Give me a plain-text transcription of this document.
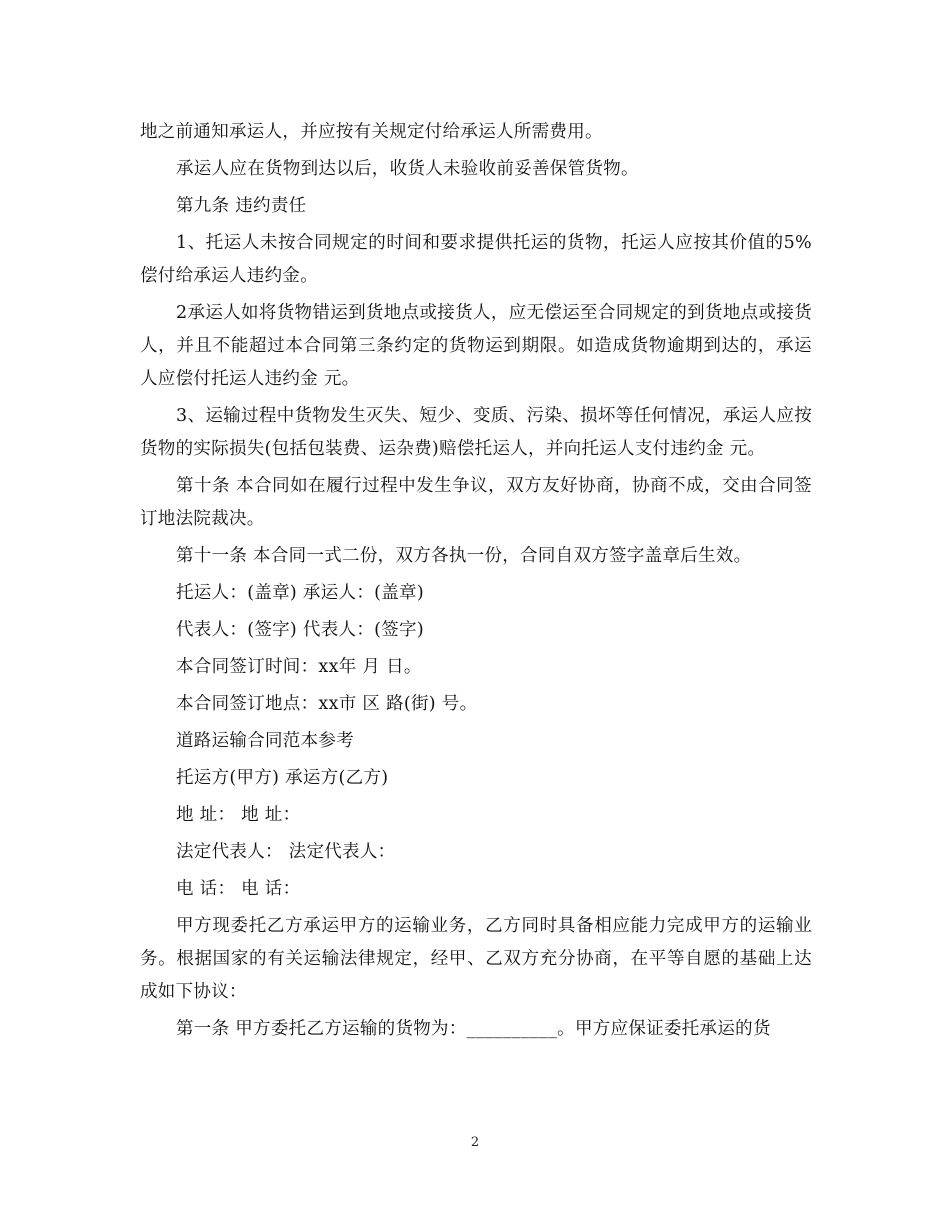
地之前通知承运人，并应按有关规定付给承运人所需费用。

承运人应在货物到达以后，收货人未验收前妥善保管货物。

第九条 违约责任

1、托运人未按合同规定的时间和要求提供托运的货物，托运人应按其价值的5%偿付给承运人违约金。

2承运人如将货物错运到货地点或接货人，应无偿运至合同规定的到货地点或接货人，并且不能超过本合同第三条约定的货物运到期限。如造成货物逾期到达的，承运人应偿付托运人违约金 元。

3、运输过程中货物发生灭失、短少、变质、污染、损坏等任何情况，承运人应按货物的实际损失(包括包装费、运杂费)赔偿托运人，并向托运人支付违约金 元。

第十条 本合同如在履行过程中发生争议，双方友好协商，协商不成，交由合同签订地法院裁决。

第十一条 本合同一式二份，双方各执一份，合同自双方签字盖章后生效。

托运人：(盖章) 承运人：(盖章)

代表人：(签字) 代表人：(签字)

本合同签订时间：xx年 月 日。

本合同签订地点：xx市 区 路(街) 号。

道路运输合同范本参考

托运方(甲方) 承运方(乙方)

地 址： 地 址：

法定代表人： 法定代表人：

电 话： 电 话：

甲方现委托乙方承运甲方的运输业务，乙方同时具备相应能力完成甲方的运输业务。根据国家的有关运输法律规定，经甲、乙双方充分协商，在平等自愿的基础上达成如下协议：

第一条 甲方委托乙方运输的货物为：__________。甲方应保证委托承运的货

2
